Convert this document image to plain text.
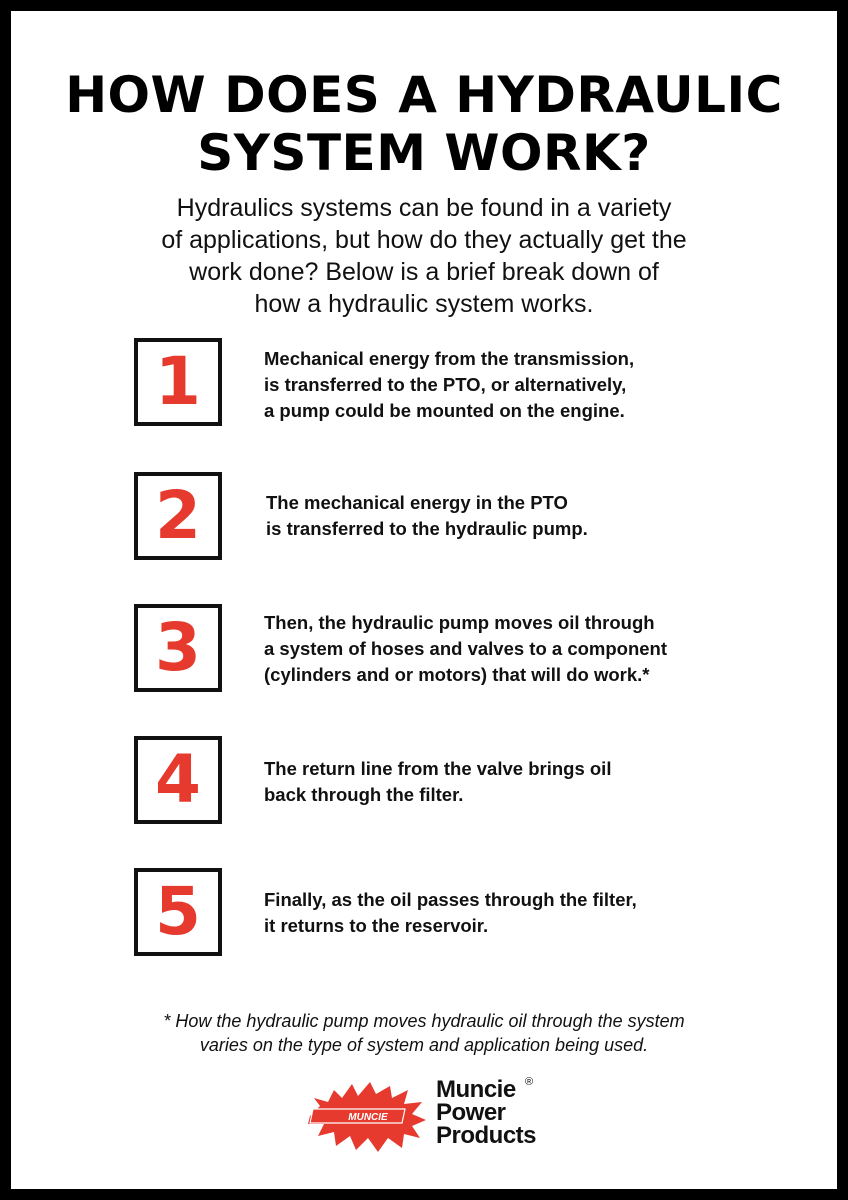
HOW DOES A HYDRAULIC
SYSTEM WORK?
Hydraulics systems can be found in a variety
of applications, but how do they actually get the
work done? Below is a brief break down of
how a hydraulic system works.
1	Mechanical energy from the transmission,
is transferred to the PTO, or alternatively,
a pump could be mounted on the engine.
2	The mechanical energy in the PTO
is transferred to the hydraulic pump.
3	Then, the hydraulic pump moves oil through
a system of hoses and valves to a component
(cylinders and or motors) that will do work.*
4	The return line from the valve brings oil
back through the filter.
5	Finally, as the oil passes through the filter,
it returns to the reservoir.
* How the hydraulic pump moves hydraulic oil through the system
varies on the type of system and application being used.
MUNCIE
Muncie
Power
Products
®
